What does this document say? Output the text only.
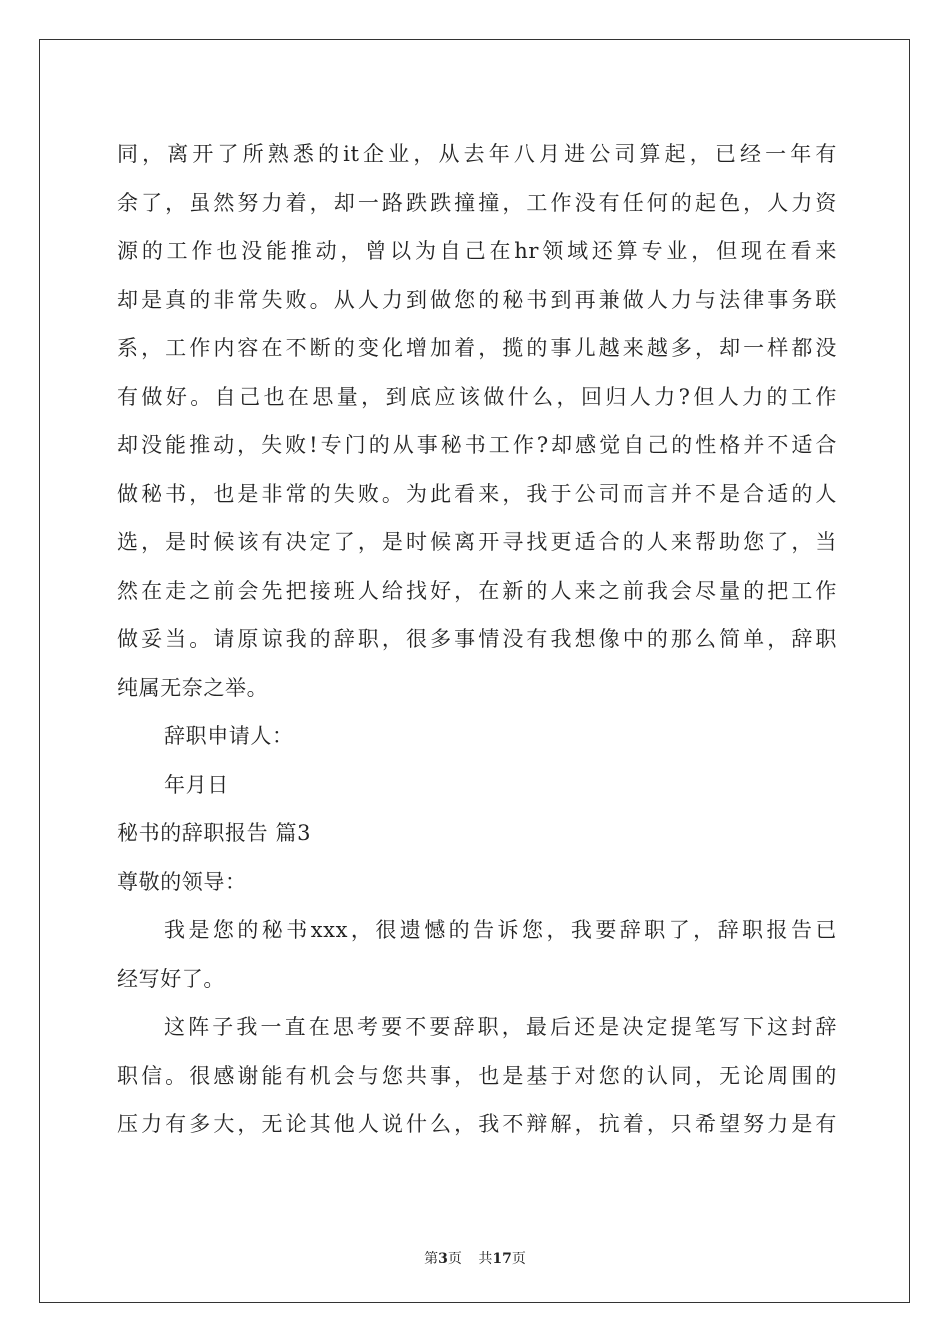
同，离开了所熟悉的it企业，从去年八月进公司算起，已经一年有
余了，虽然努力着，却一路跌跌撞撞，工作没有任何的起色，人力资
源的工作也没能推动，曾以为自己在hr领域还算专业，但现在看来
却是真的非常失败。从人力到做您的秘书到再兼做人力与法律事务联
系，工作内容在不断的变化增加着，揽的事儿越来越多，却一样都没
有做好。自己也在思量，到底应该做什么，回归人力?但人力的工作
却没能推动，失败!专门的从事秘书工作?却感觉自己的性格并不适合
做秘书，也是非常的失败。为此看来，我于公司而言并不是合适的人
选，是时候该有决定了，是时候离开寻找更适合的人来帮助您了，当
然在走之前会先把接班人给找好，在新的人来之前我会尽量的把工作
做妥当。请原谅我的辞职，很多事情没有我想像中的那么简单，辞职
纯属无奈之举。
辞职申请人：
年月日
秘书的辞职报告 篇3
尊敬的领导：
我是您的秘书xxx，很遗憾的告诉您，我要辞职了，辞职报告已
经写好了。
这阵子我一直在思考要不要辞职，最后还是决定提笔写下这封辞
职信。很感谢能有机会与您共事，也是基于对您的认同，无论周围的
压力有多大，无论其他人说什么，我不辩解，抗着，只希望努力是有
第3页 共17页
